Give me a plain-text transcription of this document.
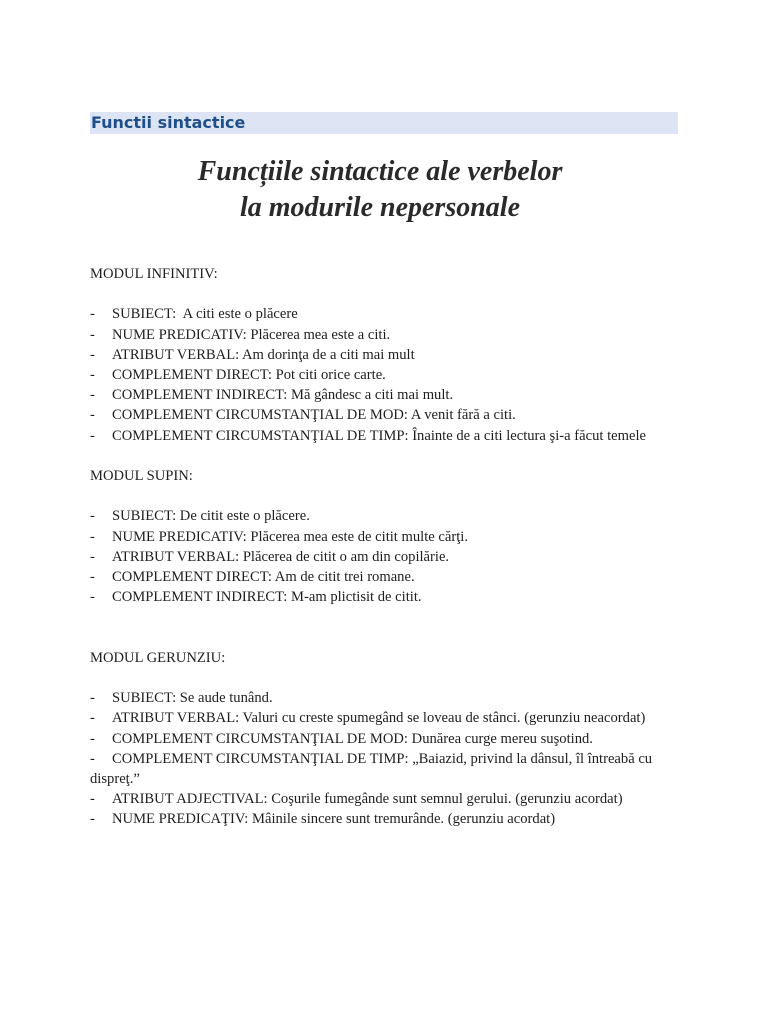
Functii sintactice
Funcțiile sintactice ale verbelor
la modurile nepersonale

MODUL INFINITIV:

- SUBIECT:  A citi este o plăcere
- NUME PREDICATIV: Plăcerea mea este a citi.
- ATRIBUT VERBAL: Am dorinţa de a citi mai mult
- COMPLEMENT DIRECT: Pot citi orice carte.
- COMPLEMENT INDIRECT: Mă gândesc a citi mai mult.
- COMPLEMENT CIRCUMSTANŢIAL DE MOD: A venit fără a citi.
- COMPLEMENT CIRCUMSTANŢIAL DE TIMP: Înainte de a citi lectura şi-a făcut temele

MODUL SUPIN:

- SUBIECT: De citit este o plăcere.
- NUME PREDICATIV: Plăcerea mea este de citit multe cărţi.
- ATRIBUT VERBAL: Plăcerea de citit o am din copilărie.
- COMPLEMENT DIRECT: Am de citit trei romane.
- COMPLEMENT INDIRECT: M-am plictisit de citit.

MODUL GERUNZIU:

- SUBIECT: Se aude tunând.
- ATRIBUT VERBAL: Valuri cu creste spumegând se loveau de stânci. (gerunziu neacordat)
- COMPLEMENT CIRCUMSTANŢIAL DE MOD: Dunărea curge mereu suşotind.
- COMPLEMENT CIRCUMSTANŢIAL DE TIMP: „Baiazid, privind la dânsul, îl întreabă cu dispreţ.”
- ATRIBUT ADJECTIVAL: Coşurile fumegânde sunt semnul gerului. (gerunziu acordat)
- NUME PREDICAŢIV: Mâinile sincere sunt tremurânde. (gerunziu acordat)
